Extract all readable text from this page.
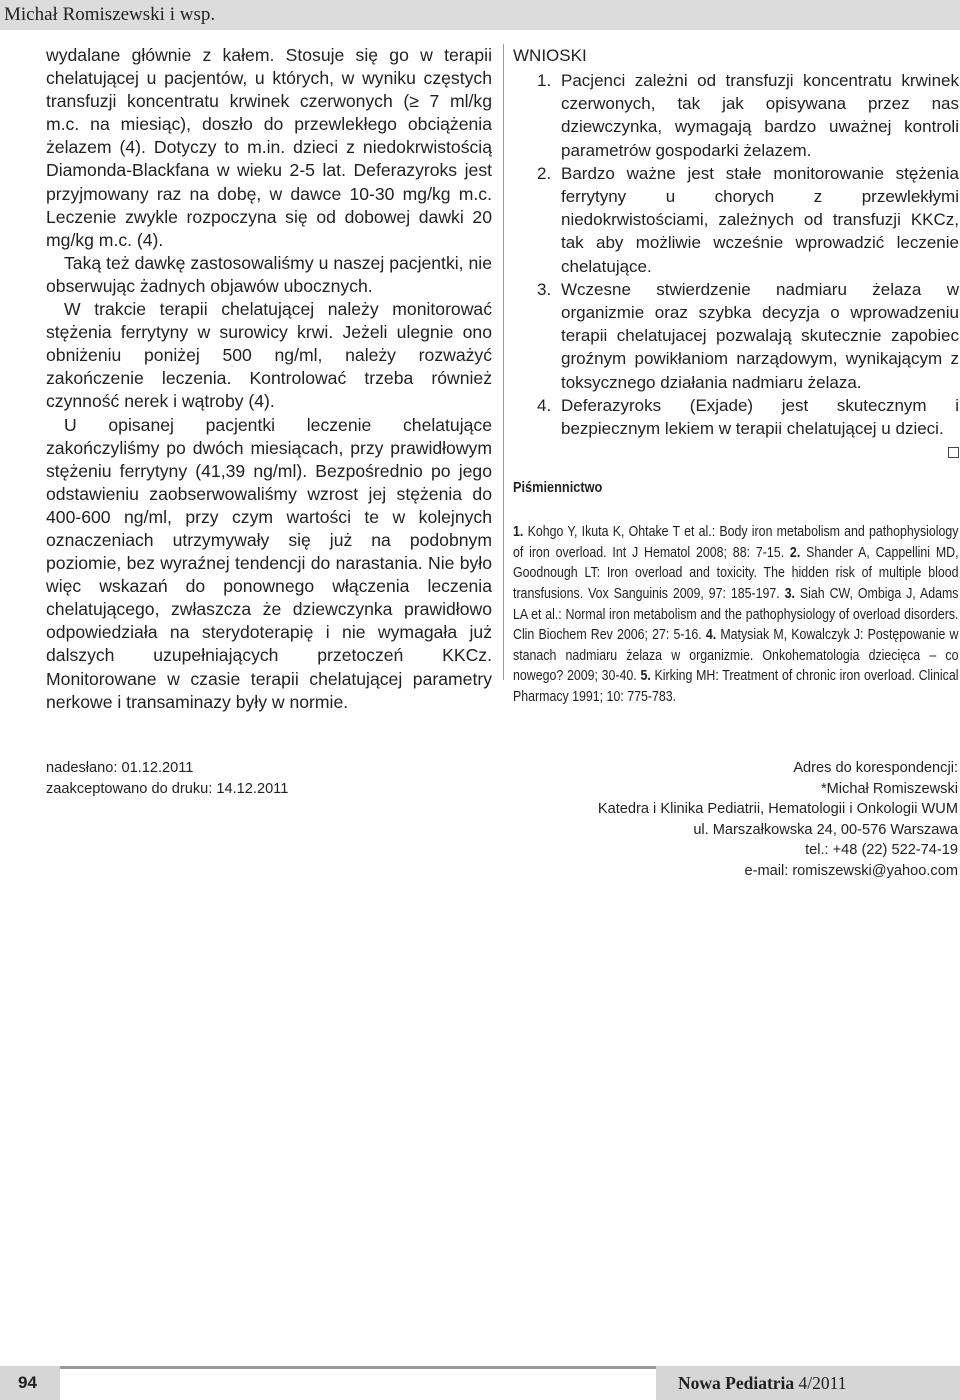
Michał Romiszewski i wsp.

wydalane głównie z kałem. Stosuje się go w terapii chelatującej u pacjentów, u których, w wyniku częstych transfuzji koncentratu krwinek czerwonych (≥ 7 ml/kg m.c. na miesiąc), doszło do przewlekłego obciążenia żelazem (4). Dotyczy to m.in. dzieci z niedokrwistością Diamonda-Blackfana w wieku 2-5 lat. Deferazyroks jest przyjmowany raz na dobę, w dawce 10-30 mg/kg m.c. Leczenie zwykle rozpoczyna się od dobowej dawki 20 mg/kg m.c. (4).

Taką też dawkę zastosowaliśmy u naszej pacjentki, nie obserwując żadnych objawów ubocznych.

W trakcie terapii chelatującej należy monitorować stężenia ferrytyny w surowicy krwi. Jeżeli ulegnie ono obniżeniu poniżej 500 ng/ml, należy rozważyć zakończenie leczenia. Kontrolować trzeba również czynność nerek i wątroby (4).

U opisanej pacjentki leczenie chelatujące zakończyliśmy po dwóch miesiącach, przy prawidłowym stężeniu ferrytyny (41,39 ng/ml). Bezpośrednio po jego odstawieniu zaobserwowaliśmy wzrost jej stężenia do 400-600 ng/ml, przy czym wartości te w kolejnych oznaczeniach utrzymywały się już na podobnym poziomie, bez wyraźnej tendencji do narastania. Nie było więc wskazań do ponownego włączenia leczenia chelatującego, zwłaszcza że dziewczynka prawidłowo odpowiedziała na sterydoterapię i nie wymagała już dalszych uzupełniających przetoczeń KKCz. Monitorowane w czasie terapii chelatującej parametry nerkowe i transaminazy były w normie.

WNIOSKI
1. Pacjenci zależni od transfuzji koncentratu krwinek czerwonych, tak jak opisywana przez nas dziewczynka, wymagają bardzo uważnej kontroli parametrów gospodarki żelazem.
2. Bardzo ważne jest stałe monitorowanie stężenia ferrytyny u chorych z przewlekłymi niedokrwistościami, zależnych od transfuzji KKCz, tak aby możliwie wcześnie wprowadzić leczenie chelatujące.
3. Wczesne stwierdzenie nadmiaru żelaza w organizmie oraz szybka decyzja o wprowadzeniu terapii chelatujacej pozwalają skutecznie zapobiec groźnym powikłaniom narządowym, wynikającym z toksycznego działania nadmiaru żelaza.
4. Deferazyroks (Exjade) jest skutecznym i bezpiecznym lekiem w terapii chelatującej u dzieci.
Piśmiennictwo
1. Kohgo Y, Ikuta K, Ohtake T et al.: Body iron metabolism and pathophysiology of iron overload. Int J Hematol 2008; 88: 7-15. 2. Shander A, Cappellini MD, Goodnough LT: Iron overload and toxicity. The hidden risk of multiple blood transfusions. Vox Sanguinis 2009, 97: 185-197. 3. Siah CW, Ombiga J, Adams LA et al.: Normal iron metabolism and the pathophysiology of overload disorders. Clin Biochem Rev 2006; 27: 5-16. 4. Matysiak M, Kowalczyk J: Postępowanie w stanach nadmiaru żelaza w organizmie. Onkohematologia dziecięca – co nowego? 2009; 30-40. 5. Kirking MH: Treatment of chronic iron overload. Clinical Pharmacy 1991; 10: 775-783.
nadesłano: 01.12.2011
zaakceptowano do druku: 14.12.2011
Adres do korespondencji:
*Michał Romiszewski
Katedra i Klinika Pediatrii, Hematologii i Onkologii WUM
ul. Marszałkowska 24, 00-576 Warszawa
tel.: +48 (22) 522-74-19
e-mail: romiszewski@yahoo.com
94	Nowa Pediatria 4/2011
